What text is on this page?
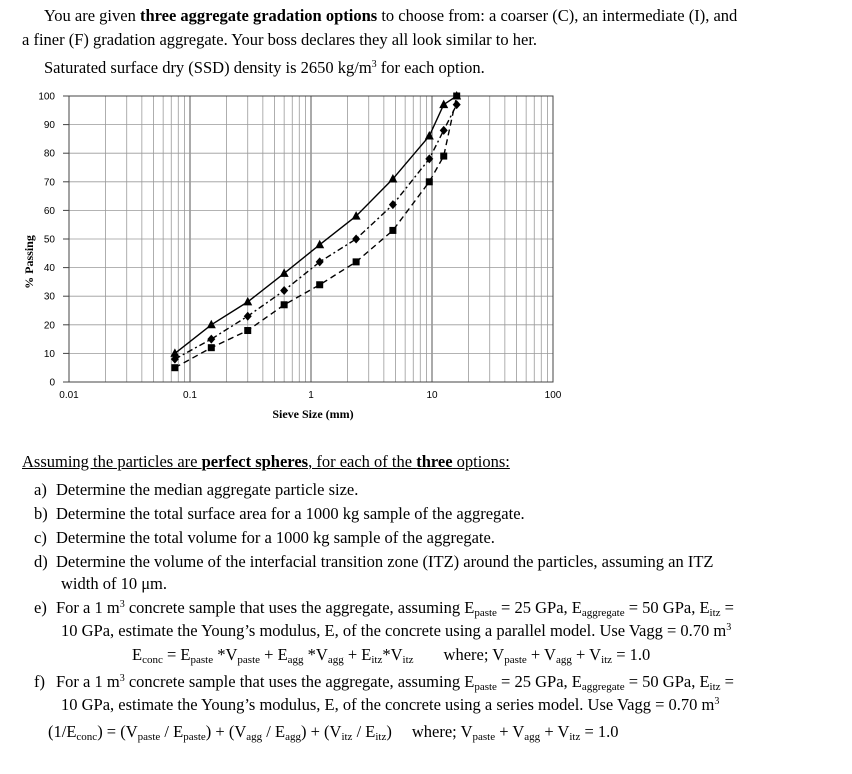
You are given three aggregate gradation options to choose from: a coarser (C), an intermediate (I), and
a finer (F) gradation aggregate. Your boss declares they all look similar to her.
Saturated surface dry (SSD) density is 2650 $kg/m^3$ for each option.
0
10
20
30
40
50
60
70
80
90
100
0.01	0.1	1	10	100
% Passing
Sieve Size (mm)
Assuming the particles are perfect spheres, for each of the three options:
a) Determine the median aggregate particle size.
b) Determine the total surface area for a 1000 kg sample of the aggregate.
c) Determine the total volume for a 1000 kg sample of the aggregate.
d) Determine the volume of the interfacial transition zone (ITZ) around the particles, assuming an ITZ
width of 10 μm.
e) For a 1 $m^3$ concrete sample that uses the aggregate, assuming $E_{paste} = 25$ GPa, $E_{aggregate} = 50$ GPa, $E_{itz}$ =
10 GPa, estimate the Young’s modulus, E, of the concrete using a parallel model. Use Vagg = 0.70 $m^3$
$E_{conc} = E_{paste}$ $*V_{paste} + E_{agg}$ $*V_{agg} + E_{itz}*V_{itz}$ where; $V_{paste} + V_{agg} + V_{itz} = 1.0$
f) For a 1 $m^3$ concrete sample that uses the aggregate, assuming $E_{paste} = 25$ GPa, $E_{aggregate} = 50$ GPa, $E_{itz}$ =
10 GPa, estimate the Young’s modulus, E, of the concrete using a series model. Use Vagg = 0.70 $m^3$
$(1/E_{conc}) = (V_{paste} / E_{paste}) + (V_{agg} / E_{agg}) + (V_{itz} / E_{itz})$ where; $V_{paste} + V_{agg} + V_{itz} = 1.0$
